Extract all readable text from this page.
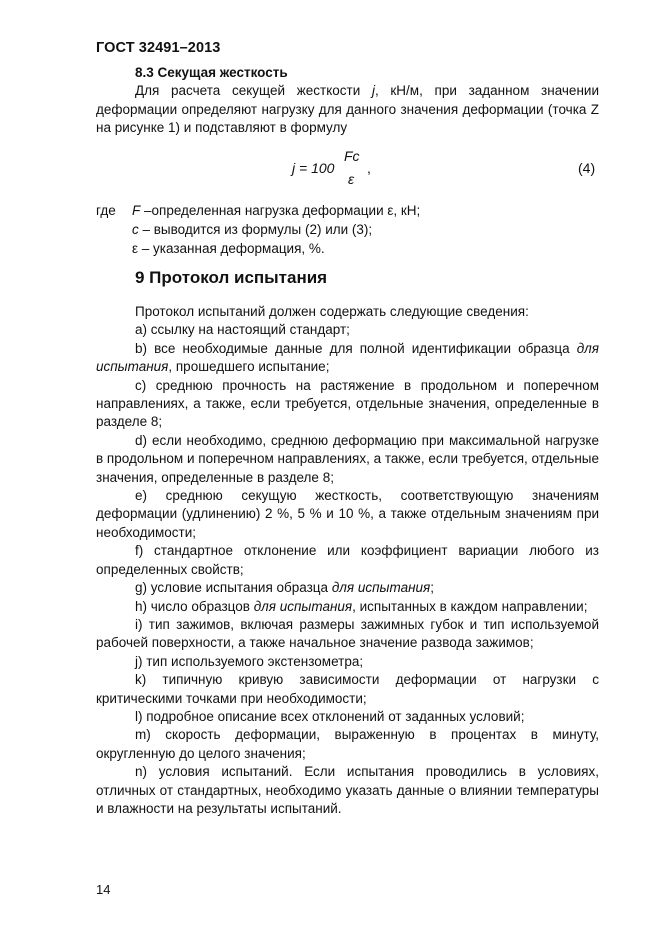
ГОСТ 32491–2013
8.3 Секущая жесткость
Для расчета секущей жесткости j, кН/м, при заданном значении деформации определяют нагрузку для данного значения деформации (точка Z на рисунке 1) и подставляют в формулу
j = 100
Fc
ε
,	(4)
где F –определенная нагрузка деформации ε, кН;
c – выводится из формулы (2) или (3);
ε – указанная деформация, %.
9 Протокол испытания

Протокол испытаний должен содержать следующие сведения:

а) ссылку на настоящий стандарт;

b) все необходимые данные для полной идентификации образца для испытания, прошедшего испытание;

с) среднюю прочность на растяжение в продольном и поперечном направлениях, а также, если требуется, отдельные значения, определенные в разделе 8;

d) если необходимо, среднюю деформацию при максимальной нагрузке в продольном и поперечном направлениях, а также, если требуется, отдельные значения, определенные в разделе 8;

е) среднюю секущую жесткость, соответствующую значениям деформации (удлинению) 2 %, 5 % и 10 %, а также отдельным значениям при необходимости;

f) стандартное отклонение или коэффициент вариации любого из определенных свойств;

g) условие испытания образца для испытания;

h) число образцов для испытания, испытанных в каждом направлении;

i) тип зажимов, включая размеры зажимных губок и тип используемой рабочей поверхности, а также начальное значение развода зажимов;

j) тип используемого экстензометра;

k) типичную кривую зависимости деформации от нагрузки с критическими точками при необходимости;

l) подробное описание всех отклонений от заданных условий;

m) скорость деформации, выраженную в процентах в минуту, округленную до целого значения;

n) условия испытаний. Если испытания проводились в условиях, отличных от стандартных, необходимо указать данные о влиянии температуры и влажности на результаты испытаний.

14
